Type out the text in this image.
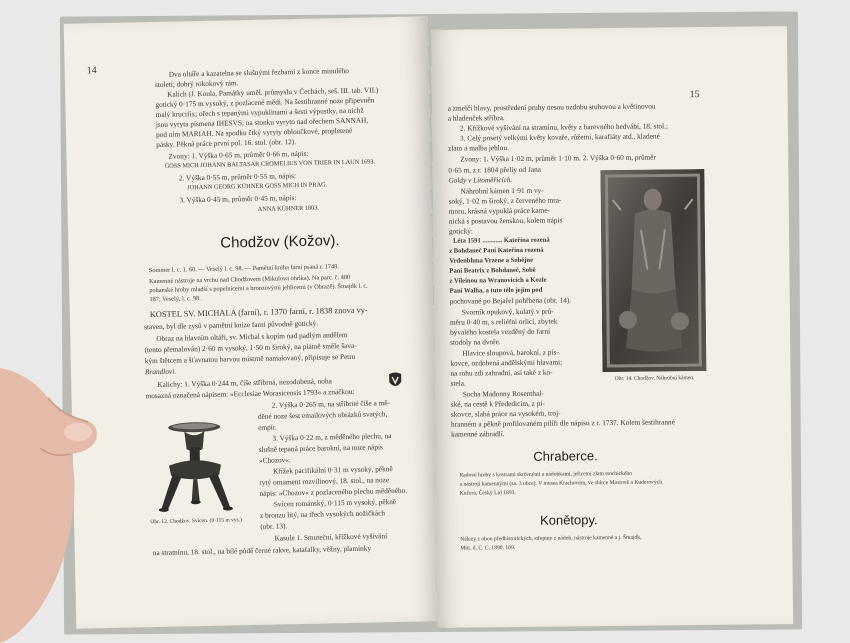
14	Dva oltáře a kazatelna se slušnými řezbami z konce minulého
století; dobrý rokokový rám.
Kalich (J. Koula, Památky uměl. průmyslu v Čechách, seš. III. tab. VII.)
gotický 0·175 m vysoký, z pozlacené mědi. Na šestihranné noze připevněn
malý krucifix; ořech s tepanými vypuklinami a šesti výpustky, na nichž
jsou vyryta písmena IHESVS; na stonku vyryto nad ořechem SANNAH,
pod ním MARIAH. Na spodku čtký vyryty obloučkové, propletené
pásky. Pěkná práce první pol. 16. stol. (obr. 12).
Zvony: 1. Výška 0·65 m, průměr 0·66 m, nápis:
GOSS MICH JOHANN BALTASAR CROMELIUS VON TRIER IN LAUN 1693.
2. Výška 0·55 m, průměr 0·55 m, nápis:
JOHANN GEORG KÜHNER GOSS MICH IN PRAG.
3. Výška 0·45 m, průměr 0·45 m, nápis:
ANNA KÜHNER 1803.
Chodžov (Kožov).
Sommer l. c. 1. 60. — Veselý l. c. 98. — Pamětní kniha farní psaná r. 1748.
Kamenné nástroje na vrchu nad Chodžovem (Mikulova ohrlka). Na parc. č. 400
pohanské hroby mladší s popelnicemi a bronzovými jehlicemi (v Obrazě). Šmajdk l. c.
187; Veselý, l. c. 98.
KOSTEL SV. MICHALA (farní), r. 1370 farní, r. 1838 znova vy-
staven, byl dle zysů v pamětní knize farní původně gotický.
Obraz na hlavním oltáři, sv. Michal s kopím nad padlým andělem
(tento přemalován) 2·60 m vysoký, 1·50 m široký, na plátně směle šava-
kým štětcem a šťavnatou barvou mistrně namalovaný, připisuje se Petru
Brandlovi.
Kalichy: 1. Výška 0·244 m, číše stříbrná, nezodobená, noha
mosazná označená nápisem: »Ecclesiae Worasicensis 1793« a značkou:
2. Výška 0·265 m, na stříbrné číše a mě-
děné noze šest emailových obrázků svatých,
empír.
3. Výška 0·22 m, z měděného plechu, na
slušně tepaná práce barokní, na noze nápis
»Chozov«.
Křížek pacifikální 0·31 m vysoký, pěkně
rytý ornament rozvilinový, 18. stol., na noze
nápis: »Chozov« z pozlaceného plechu měděného.
Svícen románský, 0·115 m vysoký, pěkně
z bronzu litý, na třech vysokých nožičkách
(obr. 13).
Kasule 1. Smuteční, křížkové vyšívání
na stramínu, 18. stol., na bílé půdě černé rakve, katafalky, věžny, plamínky
Obr. 12. Chodžov. Svícen. (0·115 m vys.)
15
a zmelčí hlavy, prostředení pruhy nesou ozdobu stuhovou a květinovou
a hladenček stříbra.
2. Křížkové vyšívání na stramínu, květy z barevného hedvábí, 18. stol.;
3. Celý posetý velkými květy kovaře, růžemi, karafiáty atd., kladené
zlato a malba jehlou.
Zvony: 1. Výška 1·02 m, průměr 1·10 m. 2. Výška 0·60 m, průměr
0·65 m, z r. 1804 přeliy od Jana
Goldy v Litoměřicích.
Náhrobní kámen 1·91 m vy-
soký, 1·02 m široký, z červeného mra-
moru, krásná vypuklá práce kame-
nická s postavou ženskou, kolem nápis
gotický:
Léta 1591 ............ Kateřina rozená
z Bohdaneč Paní Kateřina rozená
Vrdenbhma Vrzene a Sobějne
Paní Beatrix z Bohdaneč, Sobě
z Vileinou na Wranovicích a Kozle
Paní Walha, a tuto tělo jejím pod
pochované po Bejařel pohřbena (obr. 14).
Svorník opukový, kulatý v prů-
měru 0·40 m, s reliéfní orlicí, zbytek
bývalého kostela vezděný do farní
stodoly na dvoře.
Hlavice sloupová, barokní, z pís-
kovce, ozdobená andělskými hlavami;
na rohu zdi zahradní, asi také z ko-
stela.
Socha Madonny Rosenthal-
ské, na cestě k Přededicím, z pí-
skovce, slabá práce na vysokém, troj-
hranném a pěkně profilovaném pilíři dle nápisu z r. 1737. Kolem šestihranné
kamenné zábradlí.
Obr. 14. Chodžov. Náhrobní kámen.
Chraberce.
Radové hroby s kostrami skrčenými a nádobkami, jeřicemi zlam stochického
a nástroji kamennými (sa. 3 obce). V musea Krachovém, ve sbírce Mostově a Kuderových.
Kučera, Český Lid 1893.
Konětopy.
Nálezy z obou předhistorických, střepiny z nádob, nástroje kamenné a j. Šmajdk,
Mitt. d. C. C. 1890. 109.
